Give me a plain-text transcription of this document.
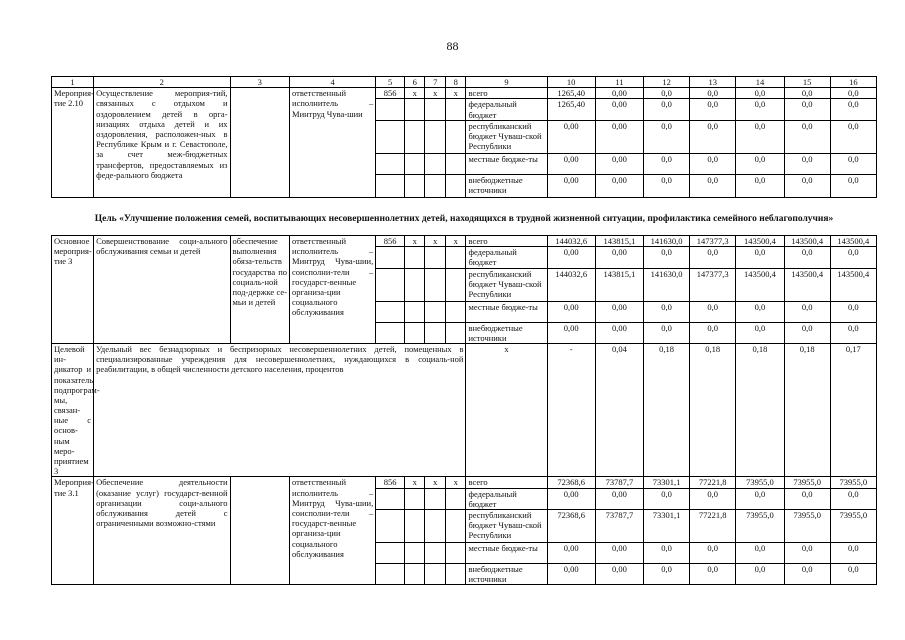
88
1	2	3	4	5	6	7	8	9	10	11	12	13	14	15	16
Мероприя-тие 2.10	Осуществление мероприя-тий, связанных с отдыхом и оздоровлением детей в орга-низациях отдыха детей и их оздоровления, расположен-ных в Республике Крым и г. Севастополе, за счет меж-бюджетных трансфертов, предоставляемых из феде-рального бюджета		ответственный исполнитель – Минтруд Чува-шии	856	x	x	x	всего	1265,40	0,00	0,0	0,0	0,0	0,0	0,0
								федеральный бюджет	1265,40	0,00	0,0	0,0	0,0	0,0	0,0
								республиканский бюджет Чуваш-ской Республики	0,00	0,00	0,0	0,0	0,0	0,0	0,0
								местные бюдже-ты	0,00	0,00	0,0	0,0	0,0	0,0	0,0
								внебюджетные источники	0,00	0,00	0,0	0,0	0,0	0,0	0,0
Цель «Улучшение положения семей, воспитывающих несовершеннолетних детей, находящихся в трудной жизненной ситуации, профилактика семейного неблагополучия»
Основное мероприя-тие 3	Совершенствование соци-ального обслуживания семьи и детей	обеспечение выполнения обяза-тельств государства по социаль-ной под-держке се-мьи и детей	ответственный исполнитель – Минтруд Чува-шии, соисполни-тели – государст-венные организа-ции социального обслуживания	856	x	x	x	всего	144032,6	143815,1	141630,0	147377,3	143500,4	143500,4	143500,4
								федеральный бюджет	0,00	0,00	0,0	0,0	0,0	0,0	0,0
								республиканский бюджет Чуваш-ской Республики	144032,6	143815,1	141630,0	147377,3	143500,4	143500,4	143500,4
								местные бюдже-ты	0,00	0,00	0,0	0,0	0,0	0,0	0,0
								внебюджетные источники	0,00	0,00	0,0	0,0	0,0	0,0	0,0
Целевой ин-дикатор и показатель подпрограм-мы, связан-ные с основ-ным меро-приятием 3	Удельный вес безнадзорных и беспризорных несовершеннолетних детей, помещенных в специализированные учреждения для несовершеннолетних, нуждающихся в социаль-ной реабилитации, в общей численности детского населения, процентов							x	-	0,04	0,18	0,18	0,18	0,18	0,17
Мероприя-тие 3.1	Обеспечение деятельности (оказание услуг) государст-венной организации соци-ального обслуживания детей с ограниченными возможно-стями		ответственный исполнитель – Минтруд Чува-шии, соисполни-тели – государст-венные организа-ции социального обслуживания	856	x	x	x	всего	72368,6	73787,7	73301,1	77221,8	73955,0	73955,0	73955,0
								федеральный бюджет	0,00	0,00	0,0	0,0	0,0	0,0	0,0
								республиканский бюджет Чуваш-ской Республики	72368,6	73787,7	73301,1	77221,8	73955,0	73955,0	73955,0
								местные бюдже-ты	0,00	0,00	0,0	0,0	0,0	0,0	0,0
								внебюджетные источники	0,00	0,00	0,0	0,0	0,0	0,0	0,0
